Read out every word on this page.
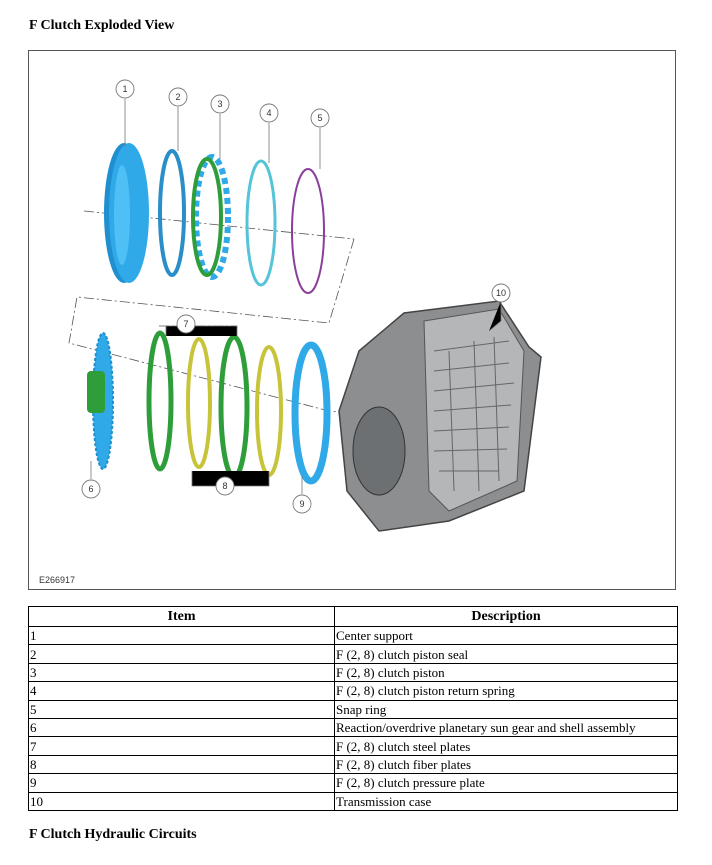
F Clutch Exploded View
1
2
3
4	5
6
7
8
9
10
E266917
Item	Description
1	Center support
2	F (2, 8) clutch piston seal
3	F (2, 8) clutch piston
4	F (2, 8) clutch piston return spring
5	Snap ring
6	Reaction/overdrive planetary sun gear and shell assembly
7	F (2, 8) clutch steel plates
8	F (2, 8) clutch fiber plates
9	F (2, 8) clutch pressure plate
10	Transmission case
F Clutch Hydraulic Circuits
